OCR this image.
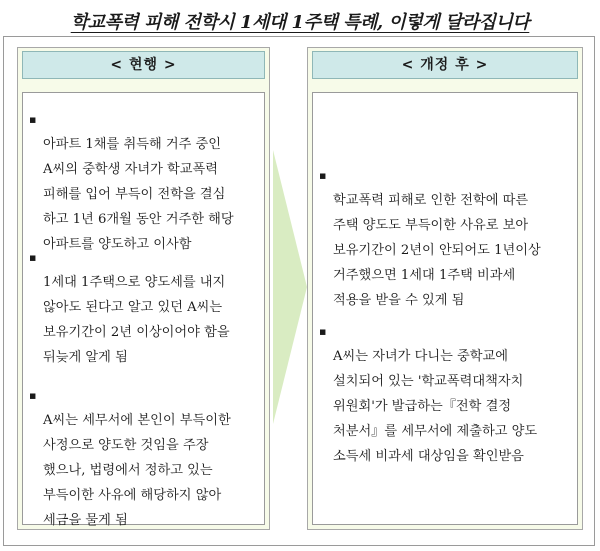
학교폭력 피해 전학시 1세대 1주택 특례, 이렇게 달라집니다
< 현행 >

▪
아파트 1채를 취득해 거주 중인
A씨의 중학생 자녀가 학교폭력
피해를 입어 부득이 전학을 결심
하고 1년 6개월 동안 거주한 해당
아파트를 양도하고 이사함

▪
1세대 1주택으로 양도세를 내지
않아도 된다고 알고 있던 A씨는
보유기간이 2년 이상이어야 함을
뒤늦게 알게 됨

▪
A씨는 세무서에 본인이 부득이한
사정으로 양도한 것임을 주장
했으나, 법령에서 정하고 있는
부득이한 사유에 해당하지 않아
세금을 물게 됨

< 개정 후 >

▪
학교폭력 피해로 인한 전학에 따른
주택 양도도 부득이한 사유로 보아
보유기간이 2년이 안되어도 1년이상
거주했으면 1세대 1주택 비과세
적용을 받을 수 있게 됨

▪
A씨는 자녀가 다니는 중학교에
설치되어 있는 '학교폭력대책자치
위원회'가 발급하는『전학 결정
처분서』를 세무서에 제출하고 양도
소득세 비과세 대상임을 확인받음
